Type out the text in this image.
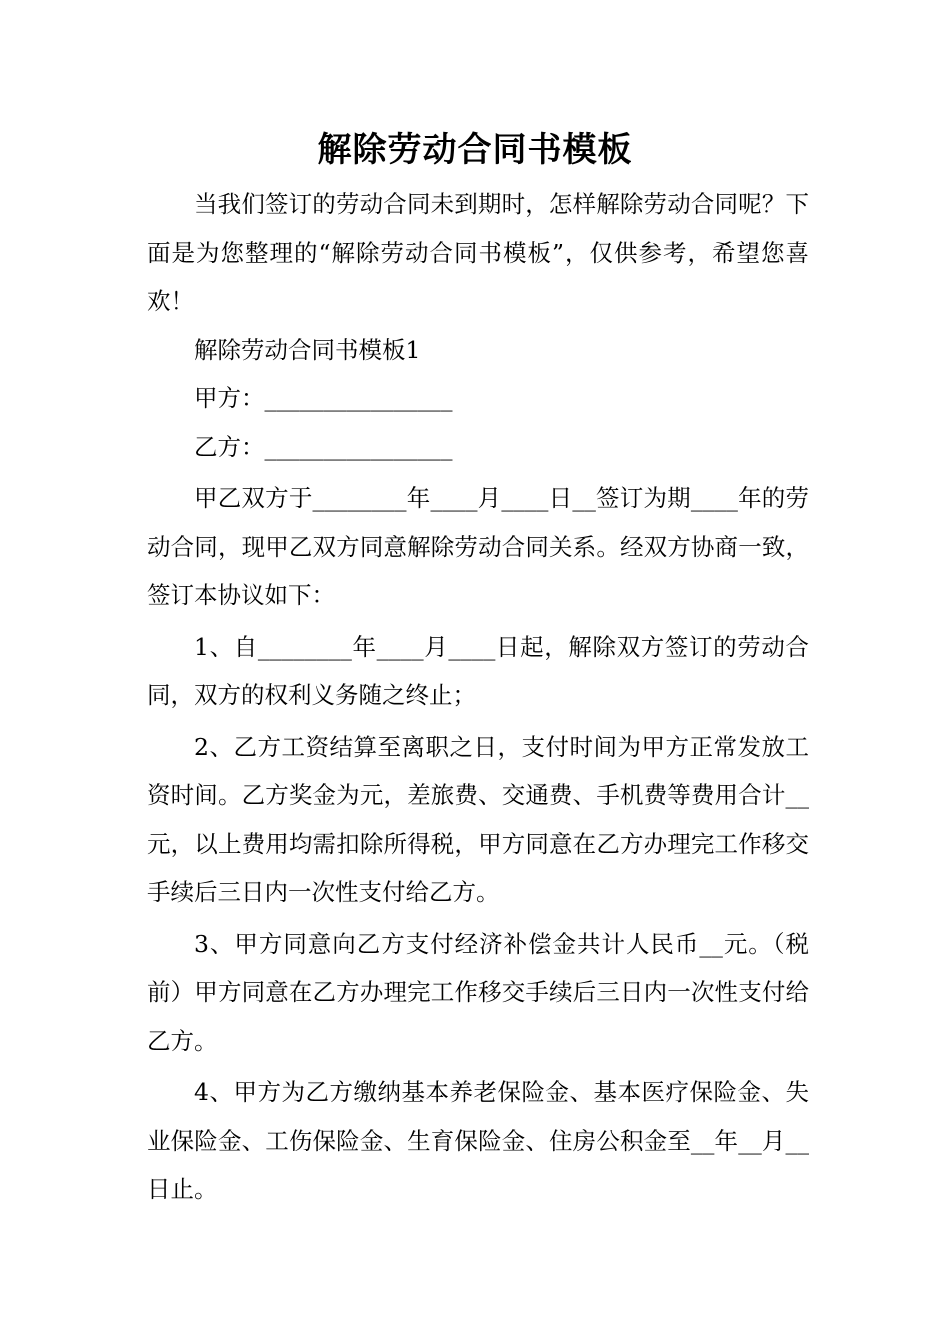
解除劳动合同书模板

当我们签订的劳动合同未到期时，怎样解除劳动合同呢？下面是为您整理的“解除劳动合同书模板”，仅供参考，希望您喜欢！

解除劳动合同书模板1

甲方：________________

乙方：________________

甲乙双方于________年____月____日__签订为期____年的劳动合同，现甲乙双方同意解除劳动合同关系。经双方协商一致，签订本协议如下：

1、自________年____月____日起，解除双方签订的劳动合同，双方的权利义务随之终止；

2、乙方工资结算至离职之日，支付时间为甲方正常发放工资时间。乙方奖金为元，差旅费、交通费、手机费等费用合计__元，以上费用均需扣除所得税，甲方同意在乙方办理完工作移交手续后三日内一次性支付给乙方。

3、甲方同意向乙方支付经济补偿金共计人民币__元。（税前）甲方同意在乙方办理完工作移交手续后三日内一次性支付给乙方。

4、甲方为乙方缴纳基本养老保险金、基本医疗保险金、失业保险金、工伤保险金、生育保险金、住房公积金至__年__月__日止。
